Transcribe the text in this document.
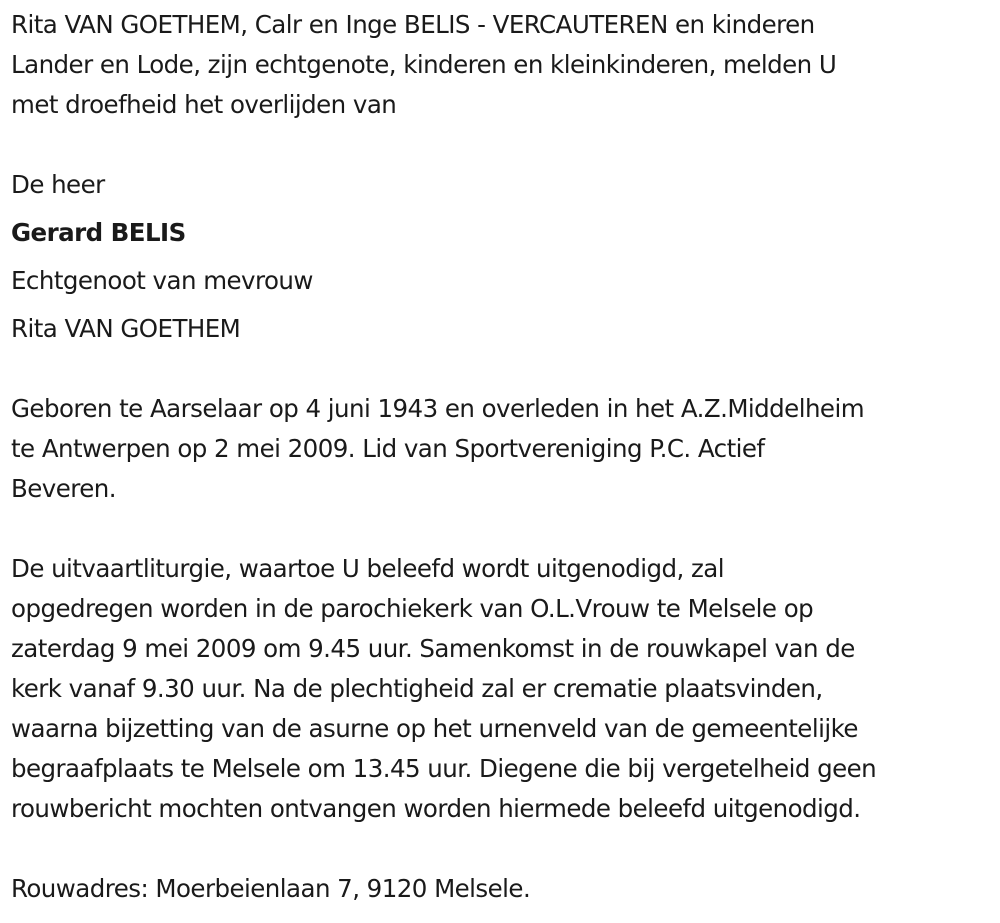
Rita VAN GOETHEM, Calr en Inge BELIS - VERCAUTEREN en kinderen
Lander en Lode, zijn echtgenote, kinderen en kleinkinderen, melden U
met droefheid het overlijden van

De heer

Gerard BELIS

Echtgenoot van mevrouw

Rita VAN GOETHEM

Geboren te Aarselaar op 4 juni 1943 en overleden in het A.Z.Middelheim
te Antwerpen op 2 mei 2009. Lid van Sportvereniging P.C. Actief
Beveren.

De uitvaartliturgie, waartoe U beleefd wordt uitgenodigd, zal
opgedregen worden in de parochiekerk van O.L.Vrouw te Melsele op
zaterdag 9 mei 2009 om 9.45 uur. Samenkomst in de rouwkapel van de
kerk vanaf 9.30 uur. Na de plechtigheid zal er crematie plaatsvinden,
waarna bijzetting van de asurne op het urnenveld van de gemeentelijke
begraafplaats te Melsele om 13.45 uur. Diegene die bij vergetelheid geen
rouwbericht mochten ontvangen worden hiermede beleefd uitgenodigd.

Rouwadres: Moerbeienlaan 7, 9120 Melsele.
